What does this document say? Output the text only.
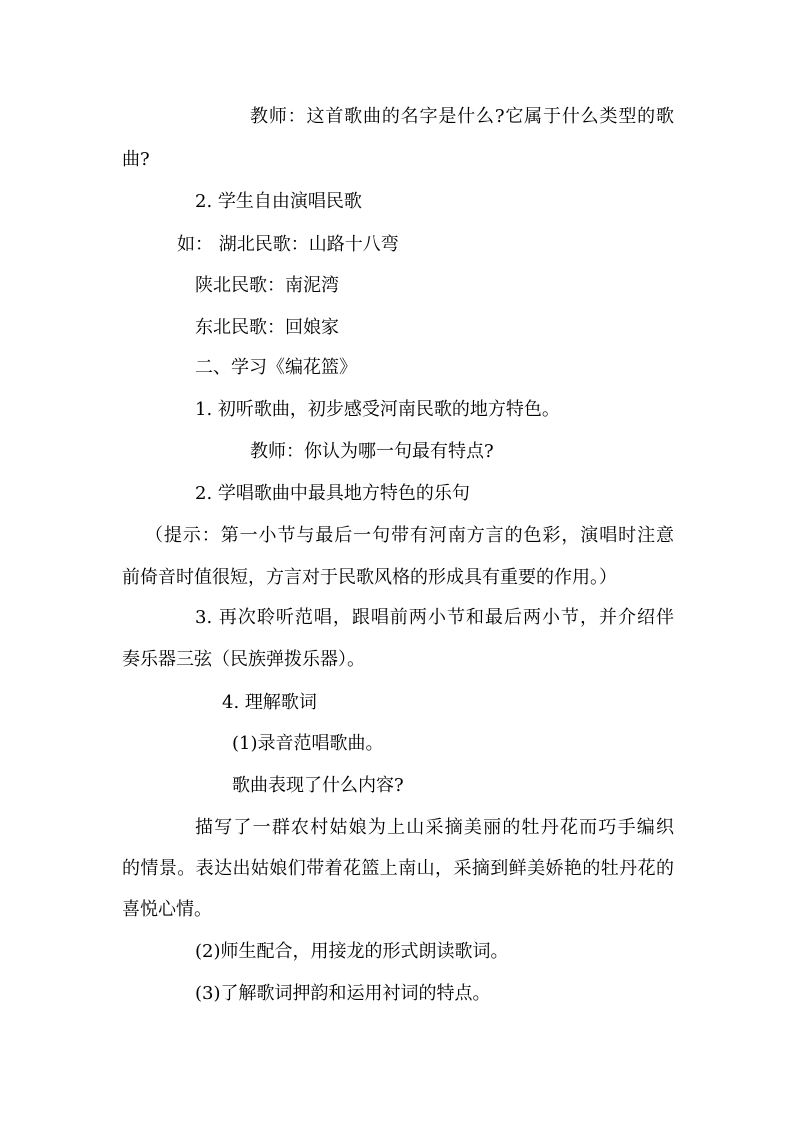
教师：这首歌曲的名字是什么?它属于什么类型的歌

曲?

2. 学生自由演唱民歌

如： 湖北民歌：山路十八弯

陕北民歌：南泥湾

东北民歌：回娘家

二、学习《编花篮》

1. 初听歌曲，初步感受河南民歌的地方特色。

教师：你认为哪一句最有特点?

2. 学唱歌曲中最具地方特色的乐句

（提示：第一小节与最后一句带有河南方言的色彩，演唱时注意

前倚音时值很短，方言对于民歌风格的形成具有重要的作用。）

3. 再次聆听范唱，跟唱前两小节和最后两小节，并介绍伴

奏乐器三弦（民族弹拨乐器）。

4. 理解歌词

(1)录音范唱歌曲。

歌曲表现了什么内容?

描写了一群农村姑娘为上山采摘美丽的牡丹花而巧手编织

的情景。表达出姑娘们带着花篮上南山，采摘到鲜美娇艳的牡丹花的

喜悦心情。

(2)师生配合，用接龙的形式朗读歌词。

(3)了解歌词押韵和运用衬词的特点。
